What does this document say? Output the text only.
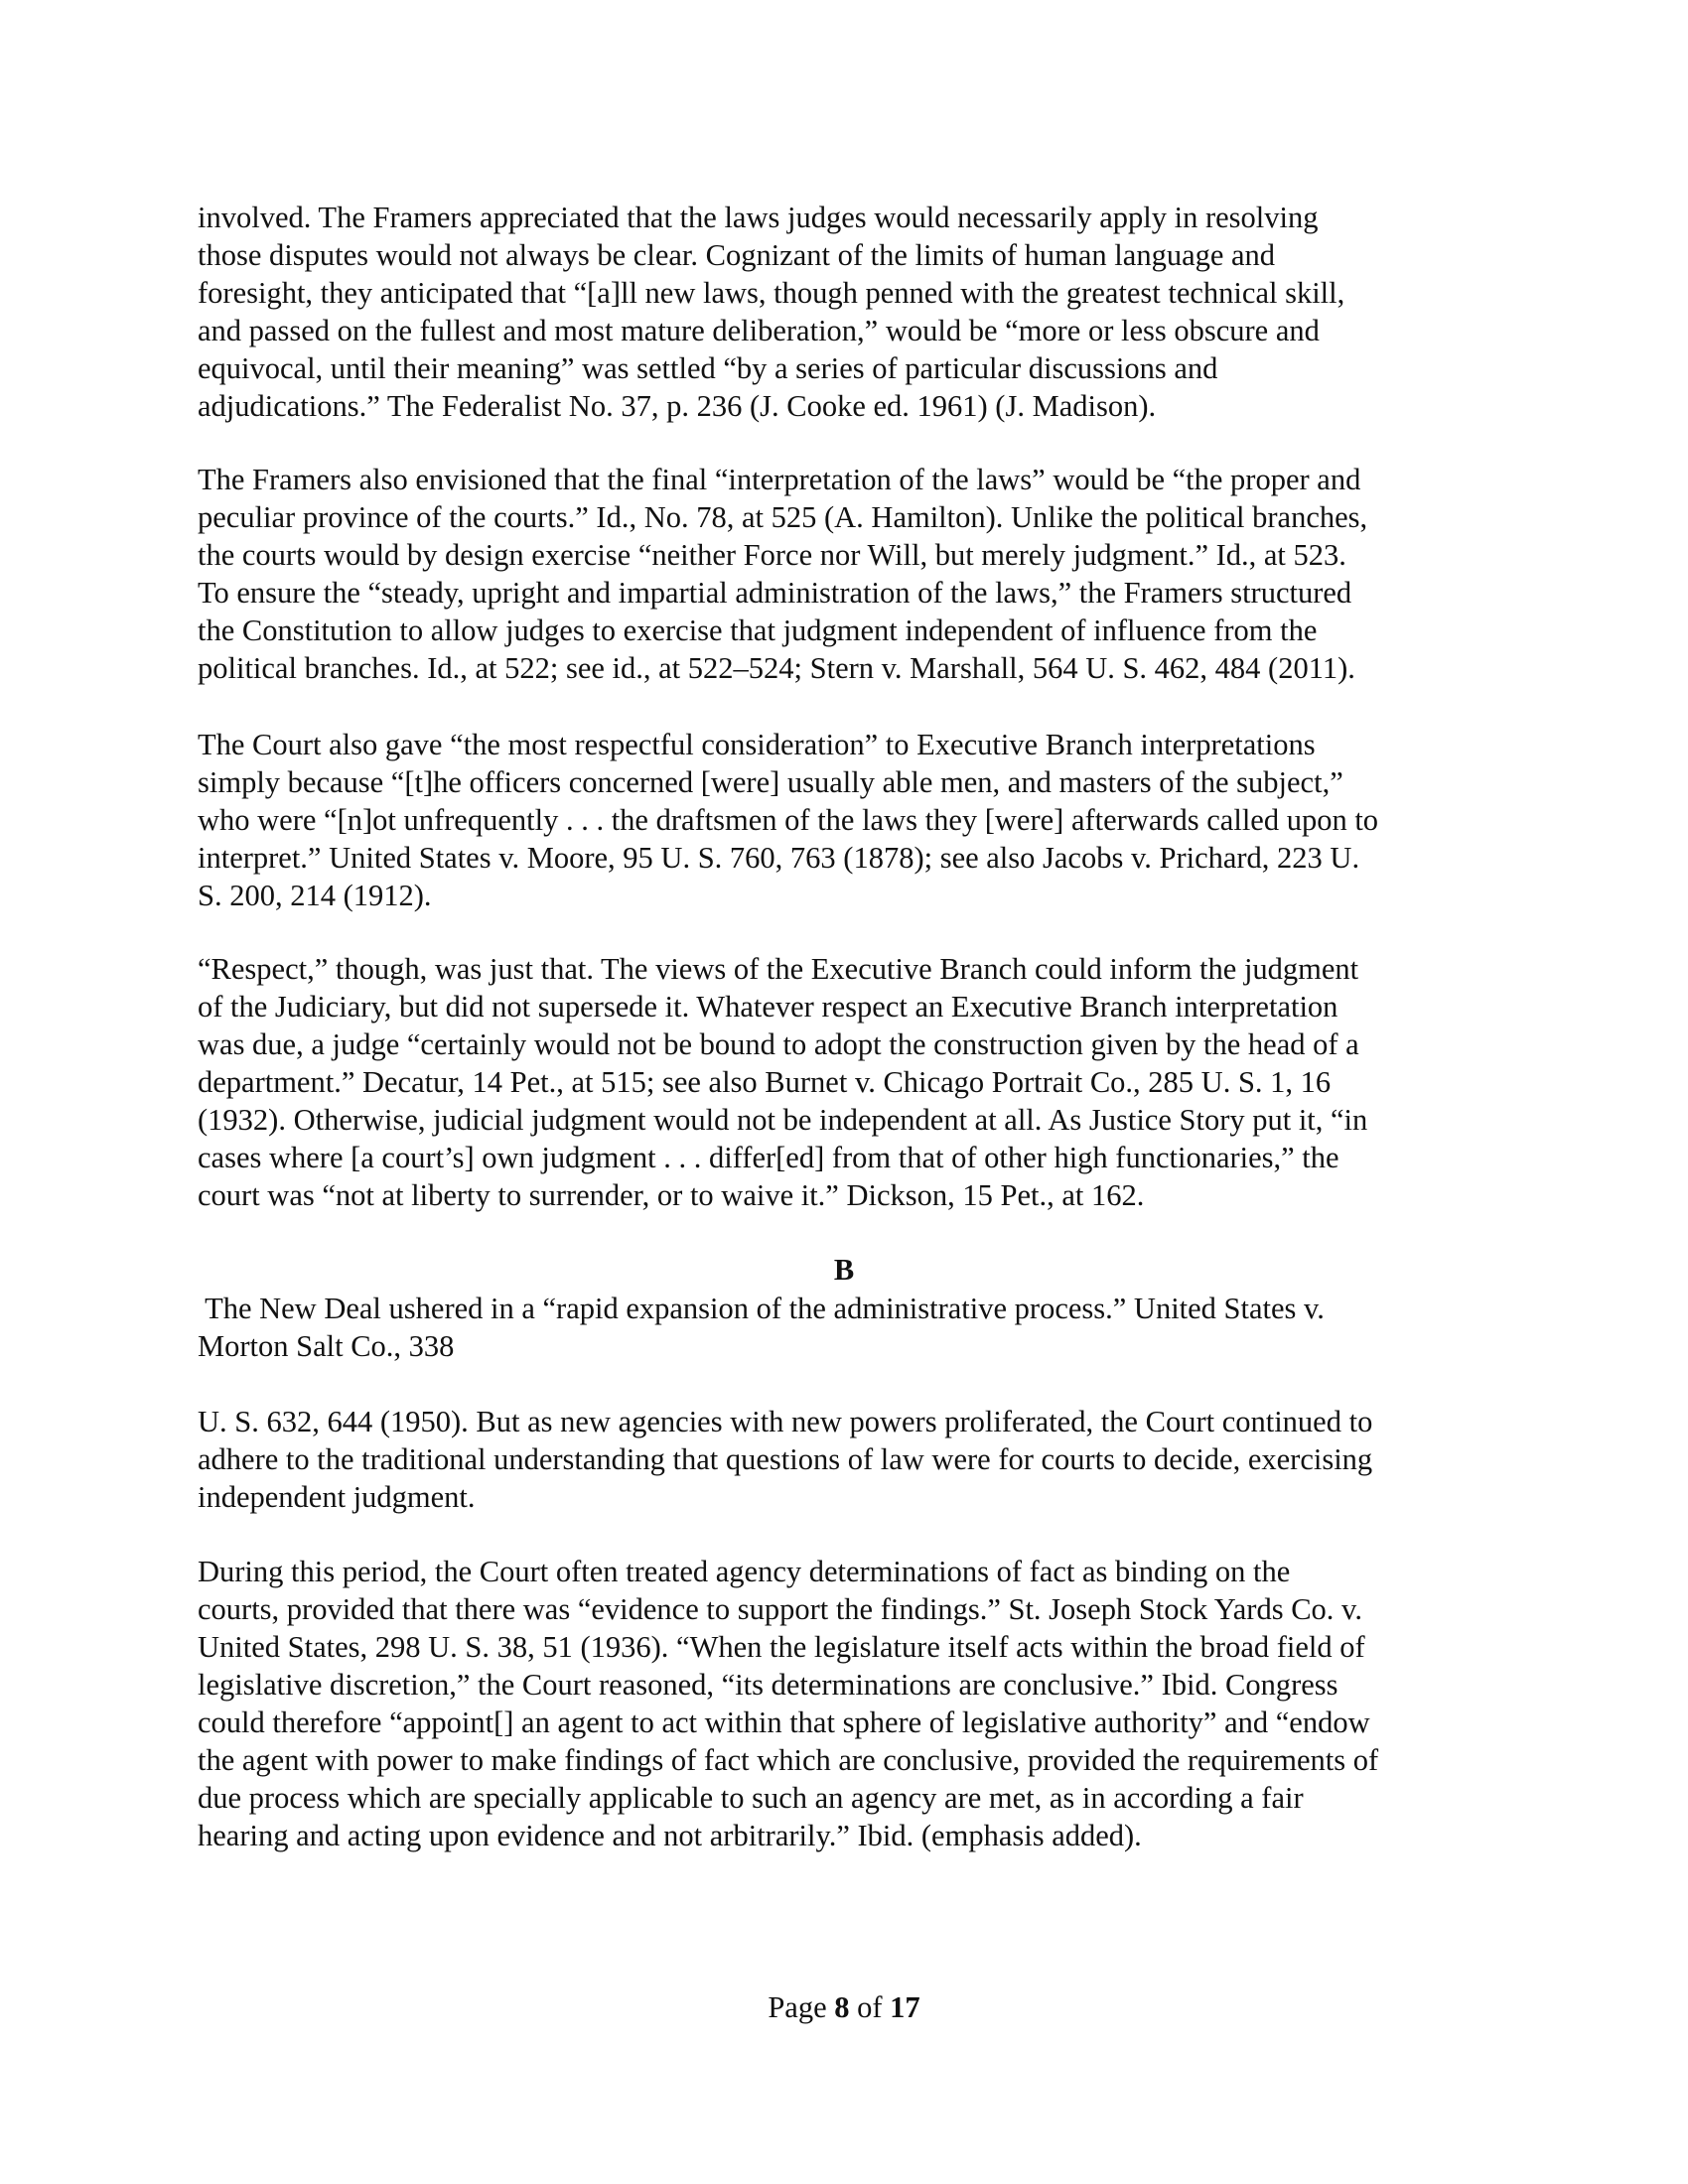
involved. The Framers appreciated that the laws judges would necessarily apply in resolving
those disputes would not always be clear. Cognizant of the limits of human language and
foresight, they anticipated that “[a]ll new laws, though penned with the greatest technical skill,
and passed on the fullest and most mature deliberation,” would be “more or less obscure and
equivocal, until their meaning” was settled “by a series of particular discussions and
adjudications.” The Federalist No. 37, p. 236 (J. Cooke ed. 1961) (J. Madison).
The Framers also envisioned that the final “interpretation of the laws” would be “the proper and
peculiar province of the courts.” Id., No. 78, at 525 (A. Hamilton). Unlike the political branches,
the courts would by design exercise “neither Force nor Will, but merely judgment.” Id., at 523.
To ensure the “steady, upright and impartial administration of the laws,” the Framers structured
the Constitution to allow judges to exercise that judgment independent of influence from the
political branches. Id., at 522; see id., at 522–524; Stern v. Marshall, 564 U. S. 462, 484 (2011).
The Court also gave “the most respectful consideration” to Executive Branch interpretations
simply because “[t]he officers concerned [were] usually able men, and masters of the subject,”
who were “[n]ot unfrequently . . . the draftsmen of the laws they [were] afterwards called upon to
interpret.” United States v. Moore, 95 U. S. 760, 763 (1878); see also Jacobs v. Prichard, 223 U.
S. 200, 214 (1912).
“Respect,” though, was just that. The views of the Executive Branch could inform the judgment
of the Judiciary, but did not supersede it. Whatever respect an Executive Branch interpretation
was due, a judge “certainly would not be bound to adopt the construction given by the head of a
department.” Decatur, 14 Pet., at 515; see also Burnet v. Chicago Portrait Co., 285 U. S. 1, 16
(1932). Otherwise, judicial judgment would not be independent at all. As Justice Story put it, “in
cases where [a court’s] own judgment . . . differ[ed] from that of other high functionaries,” the
court was “not at liberty to surrender, or to waive it.” Dickson, 15 Pet., at 162.
B
The New Deal ushered in a “rapid expansion of the administrative process.” United States v.
Morton Salt Co., 338
U. S. 632, 644 (1950). But as new agencies with new powers proliferated, the Court continued to
adhere to the traditional understanding that questions of law were for courts to decide, exercising
independent judgment.
During this period, the Court often treated agency determinations of fact as binding on the
courts, provided that there was “evidence to support the findings.” St. Joseph Stock Yards Co. v.
United States, 298 U. S. 38, 51 (1936). “When the legislature itself acts within the broad field of
legislative discretion,” the Court reasoned, “its determinations are conclusive.” Ibid. Congress
could therefore “appoint[] an agent to act within that sphere of legislative authority” and “endow
the agent with power to make findings of fact which are conclusive, provided the requirements of
due process which are specially applicable to such an agency are met, as in according a fair
hearing and acting upon evidence and not arbitrarily.” Ibid. (emphasis added).
Page 8 of 17
